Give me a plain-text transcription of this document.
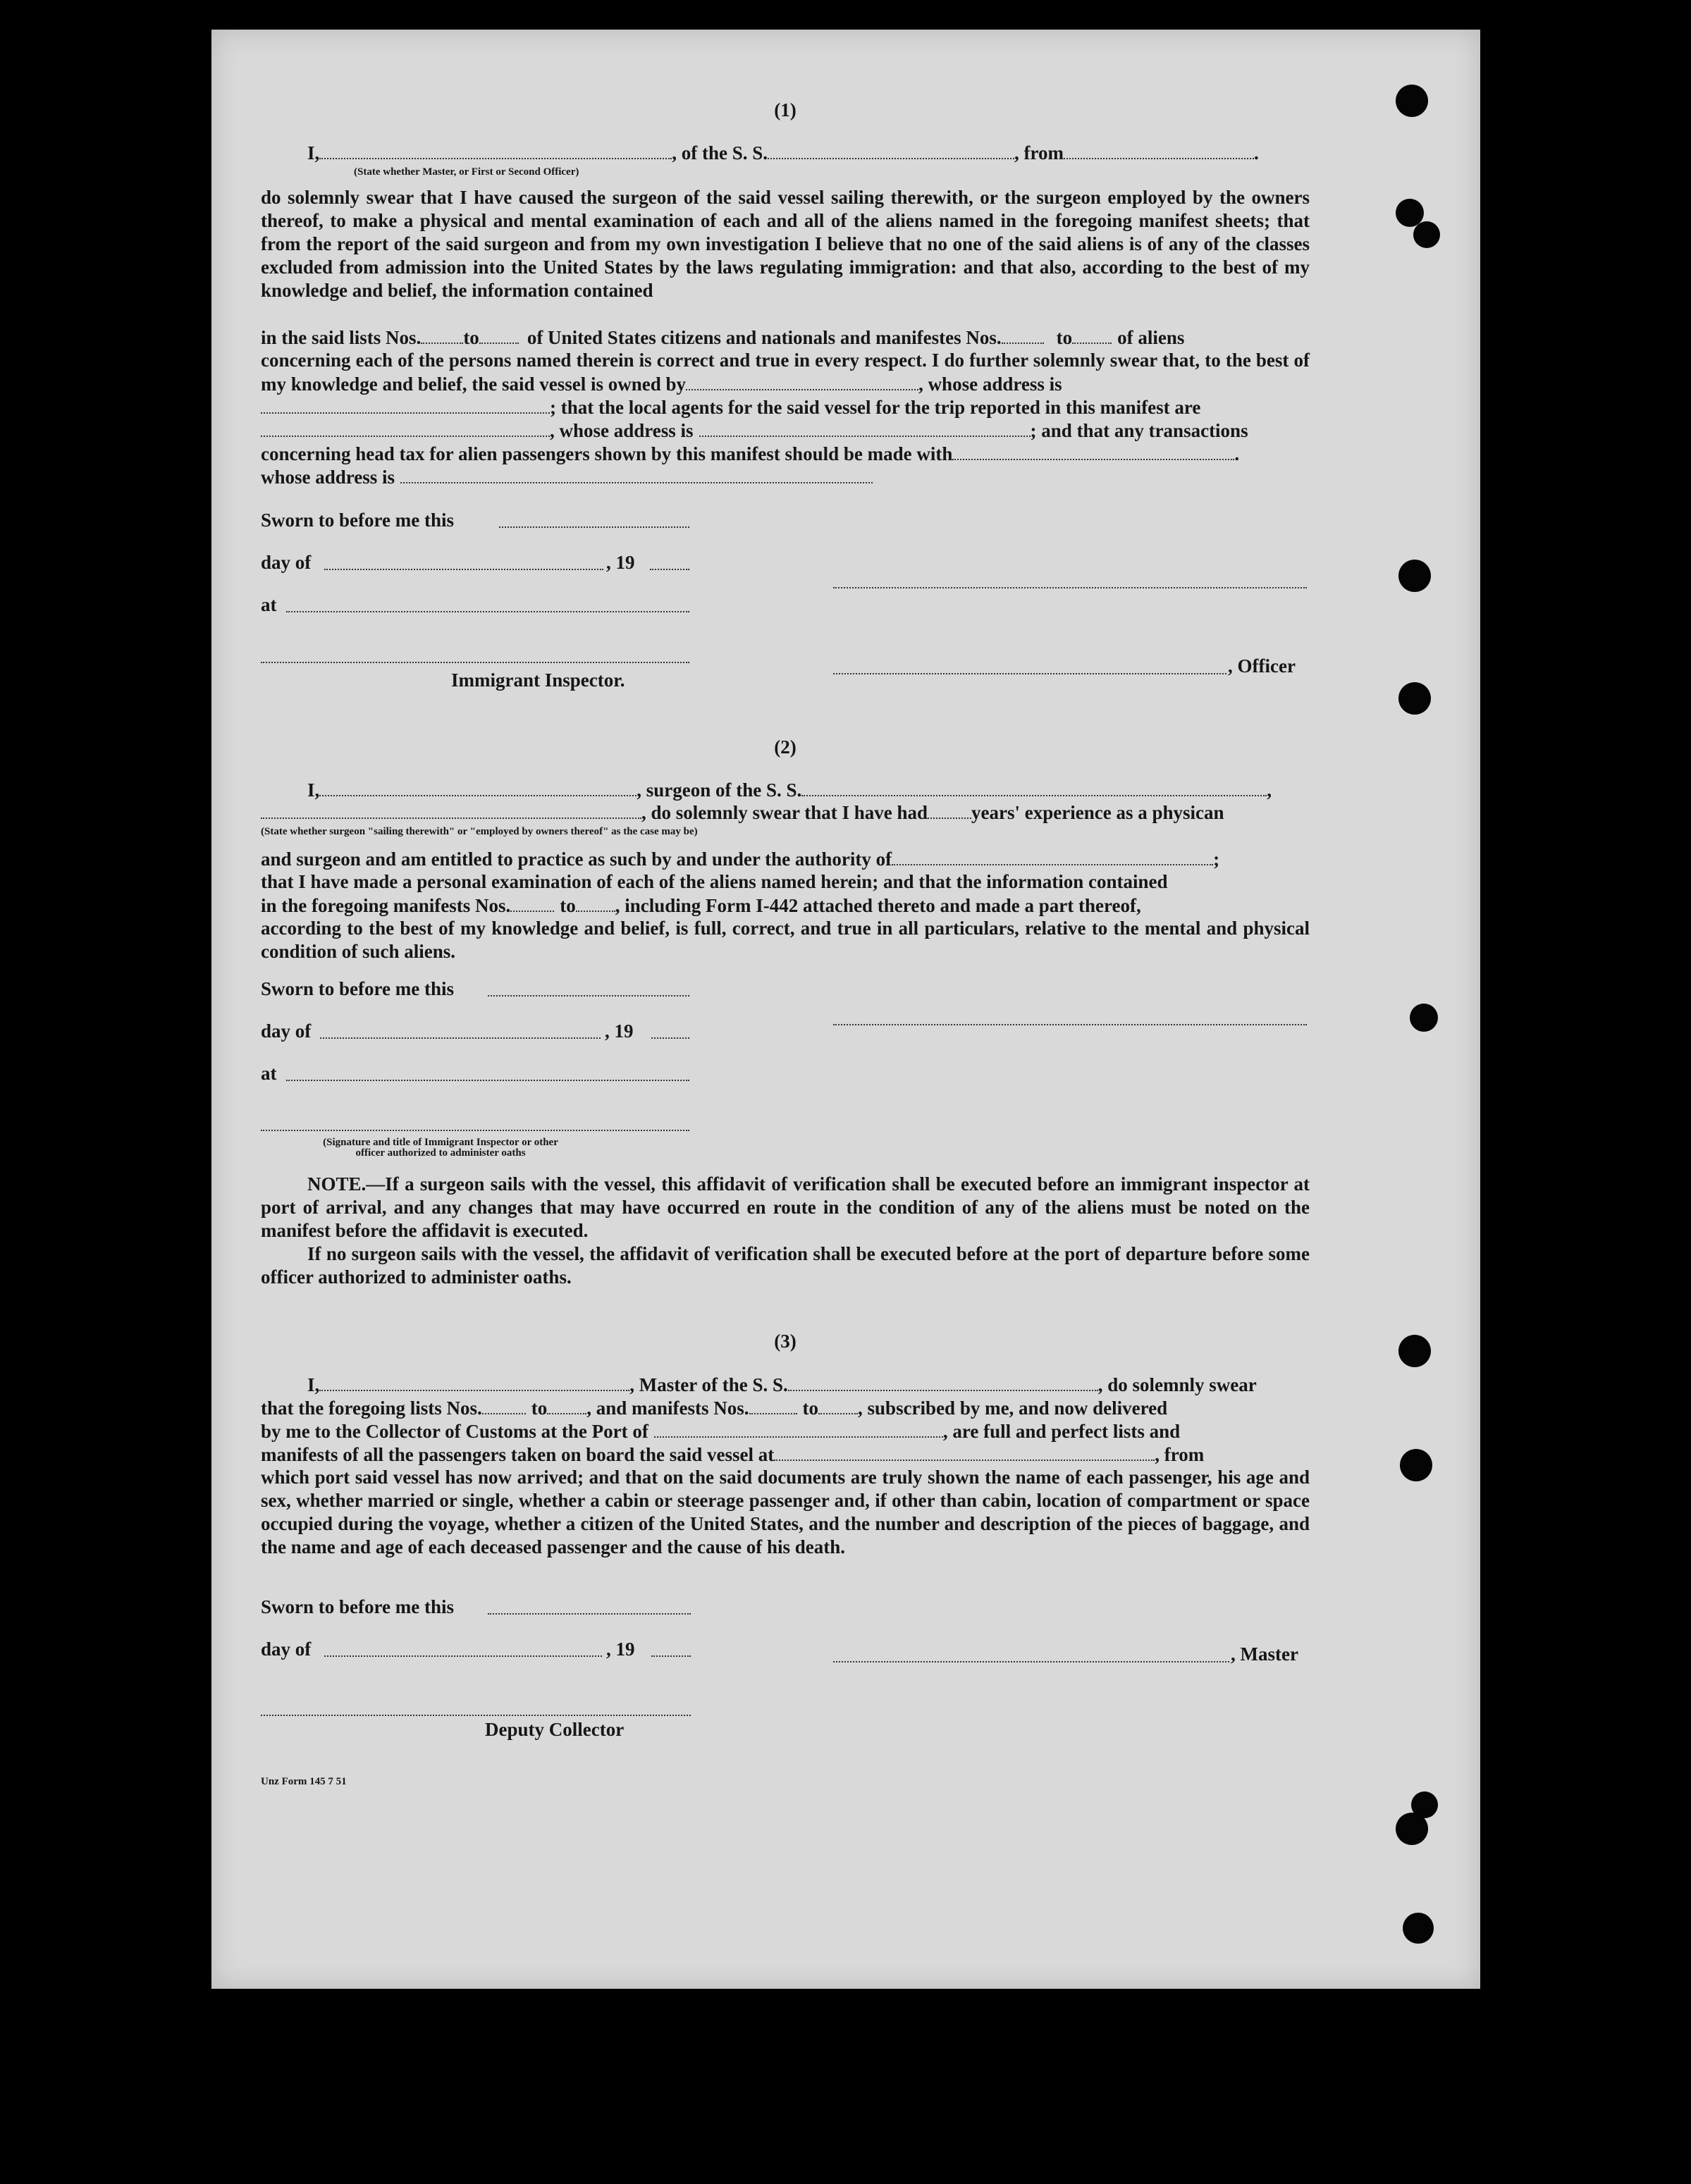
(1)
I,	, of the S. S.	, from	.
(State whether Master, or First or Second Officer)

do solemnly swear that I have caused the surgeon of the said vessel sailing therewith, or the surgeon employed by the owners thereof, to make a physical and mental examination of each and all of the aliens named in the foregoing manifest sheets; that from the report of the said surgeon and from my own investigation I believe that no one of the said aliens is of any of the classes excluded from admission into the United States by the laws regulating immigration: and that also, according to the best of my knowledge and belief, the information contained

in the said lists Nos. to	of United States citizens and nationals and manifestes Nos.	to of aliens

concerning each of the persons named therein is correct and true in every respect. I do further solemnly swear that, to the best of my knowledge and belief, the said vessel is owned by	, whose address is

; that the local agents for the said vessel for the trip reported in this manifest are
, whose address is	; and that any transactions
concerning head tax for alien passengers shown by this manifest should be made with	.
whose address is
Sworn to before me this
day of	, 19
at
, Officer
Immigrant Inspector.
(2)
I,	, surgeon of the S. S.	,
, do solemnly swear that I have had years' experience as a physican
(State whether surgeon "sailing therewith" or "employed by owners thereof" as the case may be)
and surgeon and am entitled to practice as such by and under the authority of	;

that I have made a personal examination of each of the aliens named herein; and that the information contained

in the foregoing manifests Nos.	to , including Form I-442 attached thereto and made a part thereof,

according to the best of my knowledge and belief, is full, correct, and true in all particulars, relative to the mental and physical condition of such aliens.

Sworn to before me this
day of	, 19
at
(Signature and title of Immigrant Inspector or other
officer authorized to administer oaths

NOTE.—If a surgeon sails with the vessel, this affidavit of verification shall be executed before an immigrant inspector at port of arrival, and any changes that may have occurred en route in the condition of any of the aliens must be noted on the manifest before the affidavit is executed.

If no surgeon sails with the vessel, the affidavit of verification shall be executed before at the port of departure before some officer authorized to administer oaths.

(3)
I,	, Master of the S. S.	, do solemnly swear
that the foregoing lists Nos.	to , and manifests Nos.	to , subscribed by me, and now delivered
by me to the Collector of Customs at the Port of	, are full and perfect lists and
manifests of all the passengers taken on board the said vessel at	, from

which port said vessel has now arrived; and that on the said documents are truly shown the name of each passenger, his age and sex, whether married or single, whether a cabin or steerage passenger and, if other than cabin, location of compartment or space occupied during the voyage, whether a citizen of the United States, and the number and description of the pieces of baggage, and the name and age of each deceased passenger and the cause of his death.

Sworn to before me this
day of	, 19	, Master
Deputy Collector
Unz Form 145 7 51
